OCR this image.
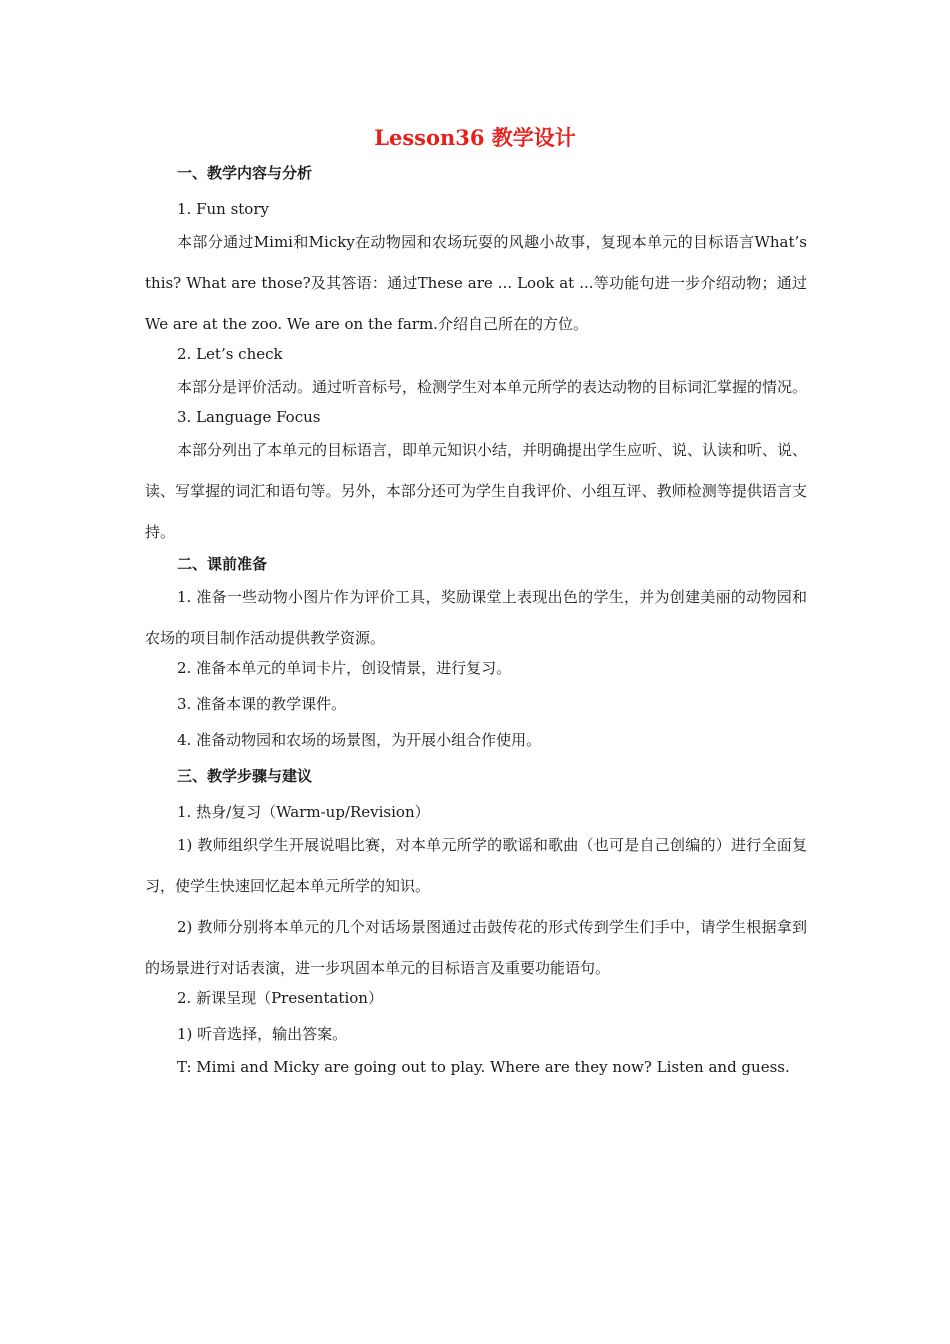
Lesson36 教学设计
一、教学内容与分析
1. Fun story

本部分通过Mimi和Micky在动物园和农场玩耍的风趣小故事，复现本单元的目标语言What’s this? What are those?及其答语：通过These are ... Look at ...等功能句进一步介绍动物；通过We are at the zoo. We are on the farm.介绍自己所在的方位。

2. Let’s check

本部分是评价活动。通过听音标号，检测学生对本单元所学的表达动物的目标词汇掌握的情况。

3. Language Focus

本部分列出了本单元的目标语言，即单元知识小结，并明确提出学生应听、说、认读和听、说、读、写掌握的词汇和语句等。另外，本部分还可为学生自我评价、小组互评、教师检测等提供语言支持。

二、课前准备

1. 准备一些动物小图片作为评价工具，奖励课堂上表现出色的学生，并为创建美丽的动物园和农场的项目制作活动提供教学资源。

2. 准备本单元的单词卡片，创设情景，进行复习。
3. 准备本课的教学课件。
4. 准备动物园和农场的场景图，为开展小组合作使用。
三、教学步骤与建议
1. 热身/复习（Warm-up/Revision）

1) 教师组织学生开展说唱比赛，对本单元所学的歌谣和歌曲（也可是自己创编的）进行全面复习，使学生快速回忆起本单元所学的知识。

2) 教师分别将本单元的几个对话场景图通过击鼓传花的形式传到学生们手中，请学生根据拿到的场景进行对话表演，进一步巩固本单元的目标语言及重要功能语句。

2. 新课呈现（Presentation）
1) 听音选择，输出答案。

T: Mimi and Micky are going out to play. Where are they now? Listen and guess.
